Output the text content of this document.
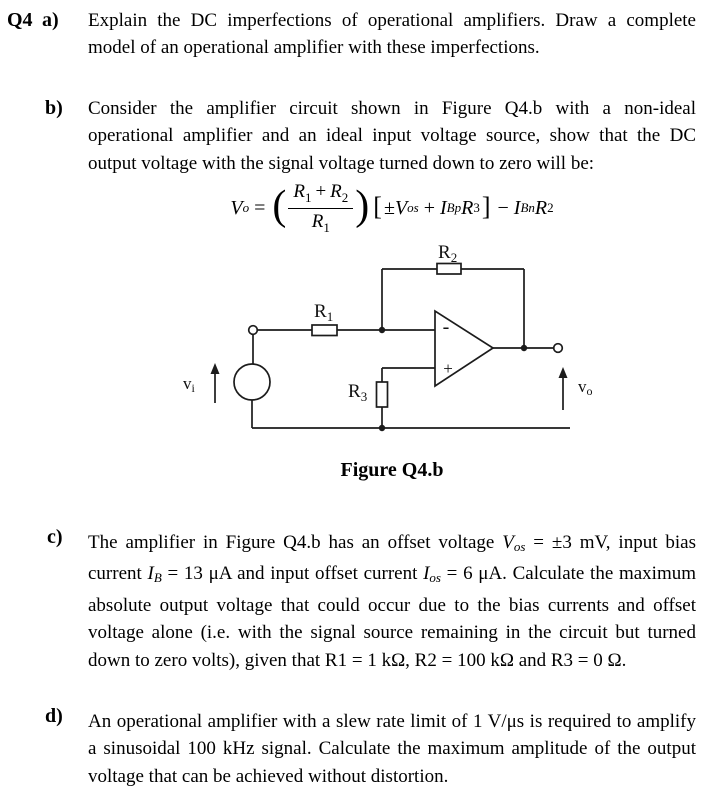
Q4 a) Explain the DC imperfections of operational amplifiers. Draw a complete model of an operational amplifier with these imperfections.
b) Consider the amplifier circuit shown in Figure Q4.b with a non-ideal operational amplifier and an ideal input voltage source, show that the DC output voltage with the signal voltage turned down to zero will be:
V o = ( $\frac{R_1 + R_2}{R_1}$ ) [ ± V os + I Bp R 3 ] − I Bn R 2
$R_1$
$R_2$
$R_3$
vi	vo
-
+
Figure Q4.b
c) The amplifier in Figure Q4.b has an offset voltage Vos = ±3 mV, input bias current IB = 13 μA and input offset current Ios = 6 μA. Calculate the maximum absolute output voltage that could occur due to the bias currents and offset voltage alone (i.e. with the signal source remaining in the circuit but turned down to zero volts), given that R1 = 1 kΩ, R2 = 100 kΩ and R3 = 0 Ω.
d) An operational amplifier with a slew rate limit of 1 V/μs is required to amplify a sinusoidal 100 kHz signal. Calculate the maximum amplitude of the output voltage that can be achieved without distortion.
